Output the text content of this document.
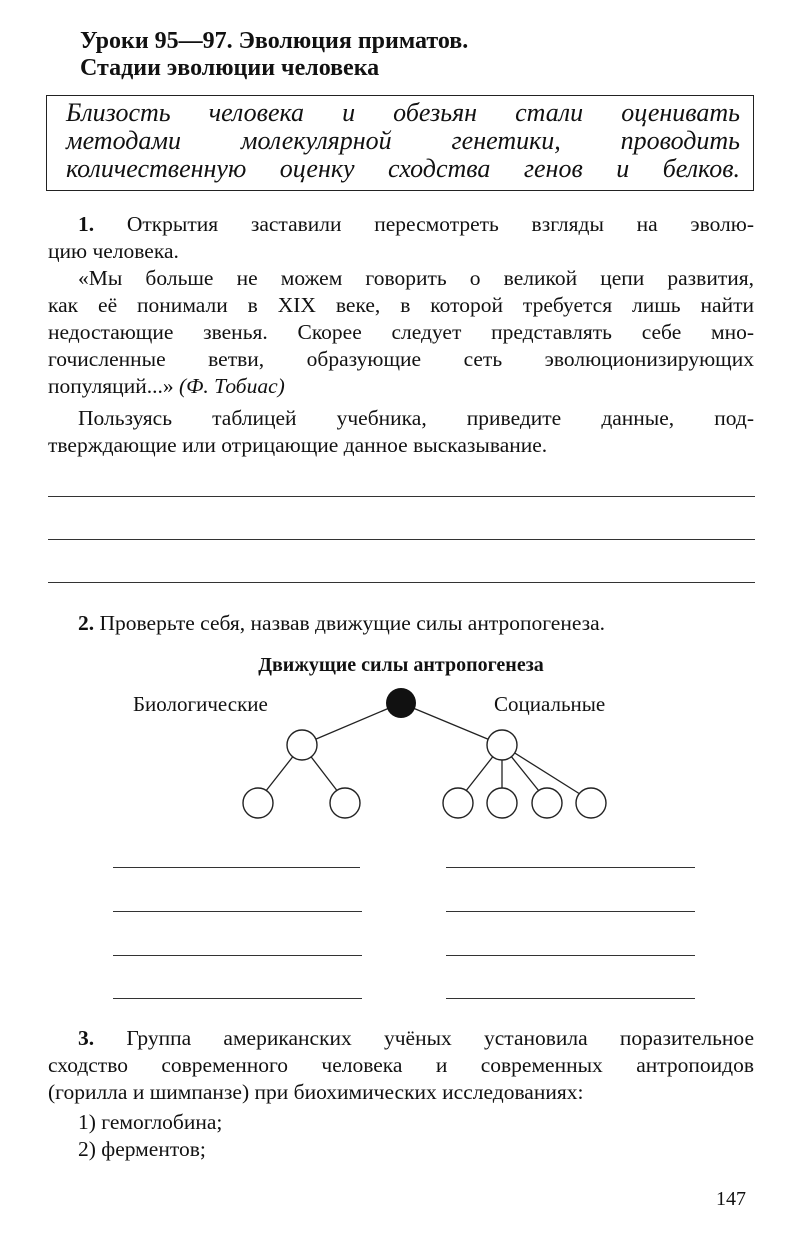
Уроки 95—97. Эволюция приматов.
Стадии эволюции человека
Близость человека и обезьян стали оценивать
методами молекулярной генетики, проводить
количественную оценку сходства генов и белков.
1. Открытия заставили пересмотреть взгляды на эволю-
цию человека.
«Мы больше не можем говорить о великой цепи развития,
как её понимали в XIX веке, в которой требуется лишь найти
недостающие звенья. Скорее следует представлять себе мно-
гочисленные ветви, образующие сеть эволюционизирующих
популяций...» (Ф. Тобиас)
Пользуясь таблицей учебника, приведите данные, под-
тверждающие или отрицающие данное высказывание.
2. Проверьте себя, назвав движущие силы антропогенеза.
Движущие силы антропогенеза
Биологические	Социальные
3. Группа американских учёных установила поразительное
сходство современного человека и современных антропоидов
(горилла и шимпанзе) при биохимических исследованиях:
1) гемоглобина;
2) ферментов;
147
